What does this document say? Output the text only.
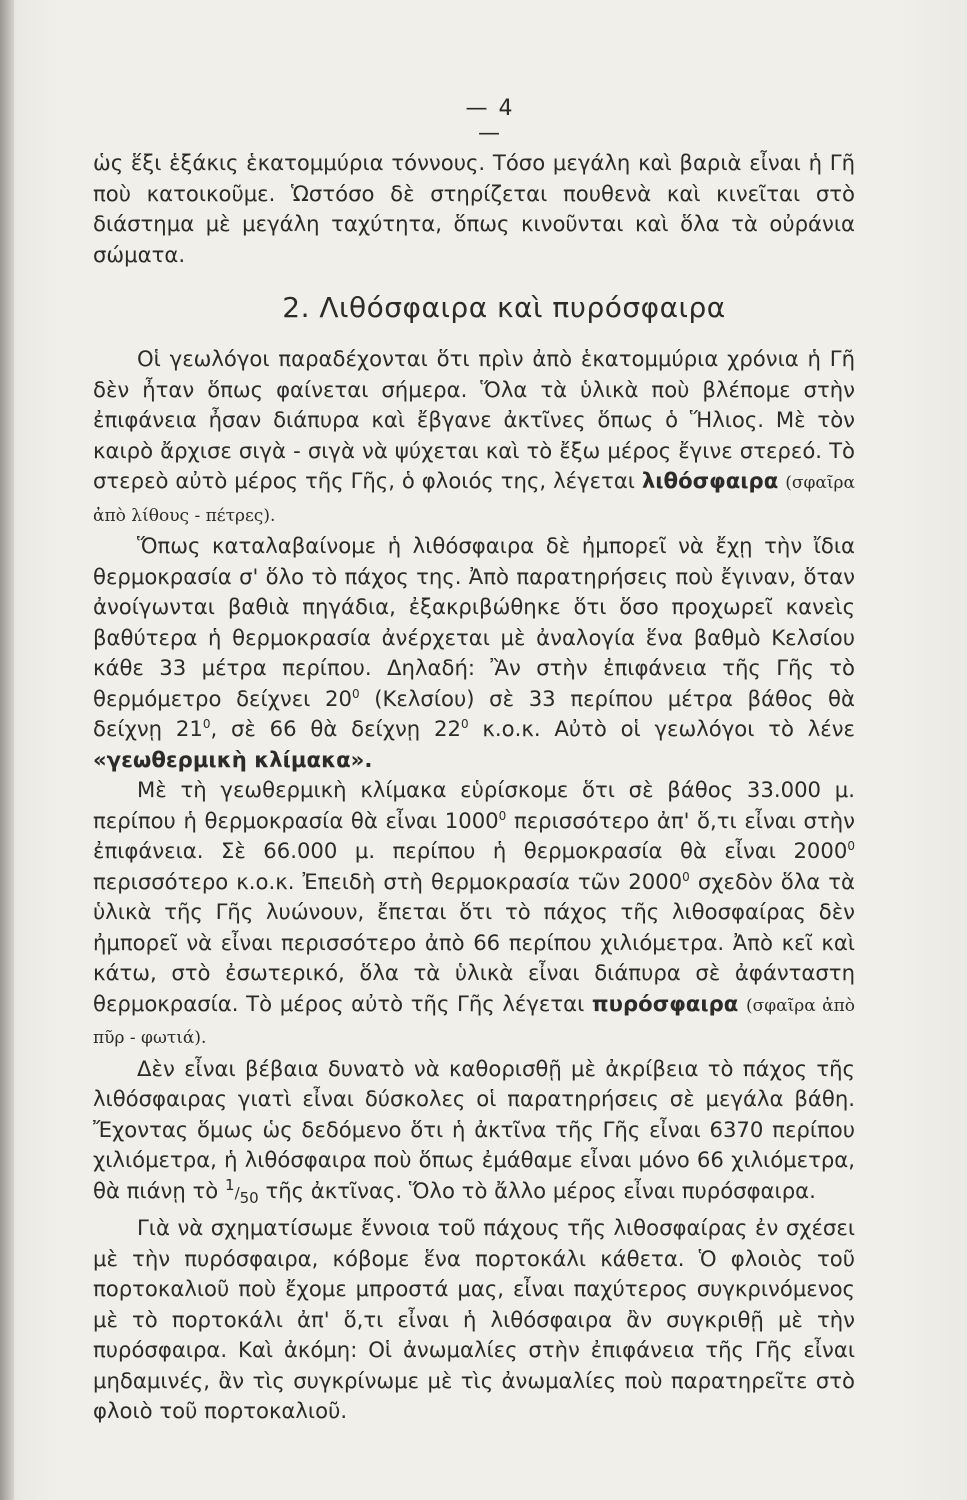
— 4 —

ὡς ἕξι ἑξάκις ἑκατομμύρια τόννους. Τόσο μεγάλη καὶ βαριὰ εἶναι ἡ Γῆ ποὺ κατοικοῦμε. Ὡστόσο δὲ στηρίζεται πουθενὰ καὶ κινεῖται στὸ διάστημα μὲ μεγάλη ταχύτητα, ὅπως κινοῦνται καὶ ὅλα τὰ οὐράνια σώματα.

2. Λιθόσφαιρα καὶ πυρόσφαιρα

Οἱ γεωλόγοι παραδέχονται ὅτι πρὶν ἀπὸ ἑκατομμύρια χρόνια ἡ Γῆ δὲν ἦταν ὅπως φαίνεται σήμερα. Ὅλα τὰ ὑλικὰ ποὺ βλέπομε στὴν ἐπιφάνεια ἦσαν διάπυρα καὶ ἔβγανε ἀκτῖνες ὅπως ὁ Ἥλιος. Μὲ τὸν καιρὸ ἄρχισε σιγὰ - σιγὰ νὰ ψύχεται καὶ τὸ ἔξω μέρος ἔγινε στερεό. Τὸ στερεὸ αὐτὸ μέρος τῆς Γῆς, ὁ φλοιός της, λέγεται λιθόσφαιρα (σφαῖρα ἀπὸ λίθους - πέτρες).

Ὅπως καταλαβαίνομε ἡ λιθόσφαιρα δὲ ἠμπορεῖ νὰ ἔχῃ τὴν ἴδια θερμοκρασία σ' ὅλο τὸ πάχος της. Ἀπὸ παρατηρήσεις ποὺ ἔγιναν, ὅταν ἀνοίγωνται βαθιὰ πηγάδια, ἐξακριβώθηκε ὅτι ὅσο προχωρεῖ κανεὶς βαθύτερα ἡ θερμοκρασία ἀνέρχεται μὲ ἀναλογία ἕνα βαθμὸ Κελσίου κάθε 33 μέτρα περίπου. Δηλαδή: Ἂν στὴν ἐπιφάνεια τῆς Γῆς τὸ θερμόμετρο δείχνει $20^0$ (Κελσίου) σὲ 33 περίπου μέτρα βάθος θὰ δείχνῃ $21^0$, σὲ 66 θὰ δείχνῃ $22^0$ κ.ο.κ. Αὐτὸ οἱ γεωλόγοι τὸ λένε «γεωθερμικὴ κλίμακα».

Μὲ τὴ γεωθερμικὴ κλίμακα εὑρίσκομε ὅτι σὲ βάθος 33.000 μ. περίπου ἡ θερμοκρασία θὰ εἶναι 1000$^0$ περισσότερο ἀπ' ὅ,τι εἶναι στὴν ἐπιφάνεια. Σὲ 66.000 μ. περίπου ἡ θερμοκρασία θὰ εἶναι 2000$^0$ περισσότερο κ.ο.κ. Ἐπειδὴ στὴ θερμοκρασία τῶν 2000$^0$ σχεδὸν ὅλα τὰ ὑλικὰ τῆς Γῆς λυώνουν, ἔπεται ὅτι τὸ πάχος τῆς λιθοσφαίρας δὲν ἠμπορεῖ νὰ εἶναι περισσότερο ἀπὸ 66 περίπου χιλιόμετρα. Ἀπὸ κεῖ καὶ κάτω, στὸ ἐσωτερικό, ὅλα τὰ ὑλικὰ εἶναι διάπυρα σὲ ἀφάνταστη θερμοκρασία. Τὸ μέρος αὐτὸ τῆς Γῆς λέγεται πυρόσφαιρα (σφαῖρα ἀπὸ πῦρ - φωτιά).

Δὲν εἶναι βέβαια δυνατὸ νὰ καθορισθῇ μὲ ἀκρίβεια τὸ πάχος τῆς λιθόσφαιρας γιατὶ εἶναι δύσκολες οἱ παρατηρήσεις σὲ μεγάλα βάθη. Ἔχοντας ὅμως ὡς δεδόμενο ὅτι ἡ ἀκτῖνα τῆς Γῆς εἶναι 6370 περίπου χιλιόμετρα, ἡ λιθόσφαιρα ποὺ ὅπως ἐμάθαμε εἶναι μόνο 66 χιλιόμετρα, θὰ πιάνῃ τὸ $^1/_{50}$ τῆς ἀκτῖνας. Ὅλο τὸ ἄλλο μέρος εἶναι πυρόσφαιρα.

Γιὰ νὰ σχηματίσωμε ἔννοια τοῦ πάχους τῆς λιθοσφαίρας ἐν σχέσει μὲ τὴν πυρόσφαιρα, κόβομε ἕνα πορτοκάλι κάθετα. Ὁ φλοιὸς τοῦ πορτοκαλιοῦ ποὺ ἔχομε μπροστά μας, εἶναι παχύτερος συγκρινόμενος μὲ τὸ πορτοκάλι ἀπ' ὅ,τι εἶναι ἡ λιθόσφαιρα ἂν συγκριθῇ μὲ τὴν πυρόσφαιρα. Καὶ ἀκόμη: Οἱ ἀνωμαλίες στὴν ἐπιφάνεια τῆς Γῆς εἶναι μηδαμινές, ἂν τὶς συγκρίνωμε μὲ τὶς ἀνωμαλίες ποὺ παρατηρεῖτε στὸ φλοιὸ τοῦ πορτοκαλιοῦ.
